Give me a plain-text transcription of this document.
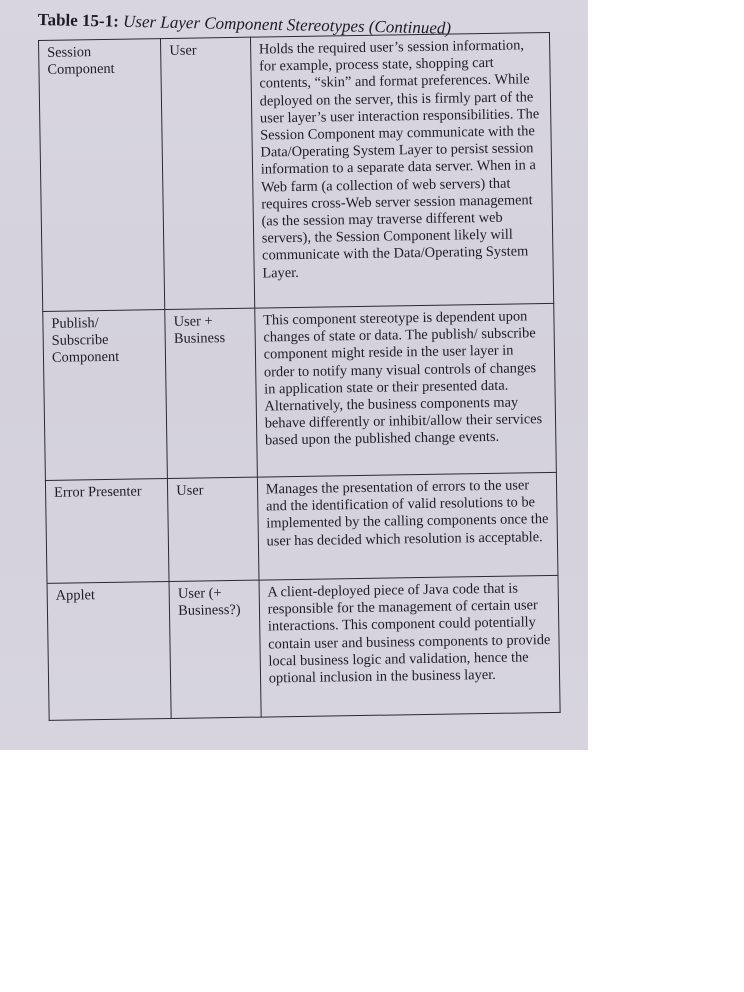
Table 15-1: User Layer Component Stereotypes (Continued)
Session Component	User	Holds the required user’s session information, for example, process state, shopping cart contents, “skin” and format preferences. While deployed on the server, this is firmly part of the user layer’s user interaction responsibilities. The Session Component may communicate with the Data/Operating System Layer to persist session information to a separate data server. When in a Web farm (a collection of web servers) that requires cross-Web server session management (as the session may traverse different web servers), the Session Component likely will communicate with the Data/Operating System Layer.
Publish/ Subscribe Component	User + Business	This component stereotype is dependent upon changes of state or data. The publish/ subscribe component might reside in the user layer in order to notify many visual controls of changes in application state or their presented data. Alternatively, the business components may behave differently or inhibit/allow their services based upon the published change events.
Error Presenter	User	Manages the presentation of errors to the user and the identification of valid resolutions to be implemented by the calling components once the user has decided which resolution is acceptable.
Applet	User (+ Business?)	A client-deployed piece of Java code that is responsible for the management of certain user interactions. This component could potentially contain user and business components to provide local business logic and validation, hence the optional inclusion in the business layer.
